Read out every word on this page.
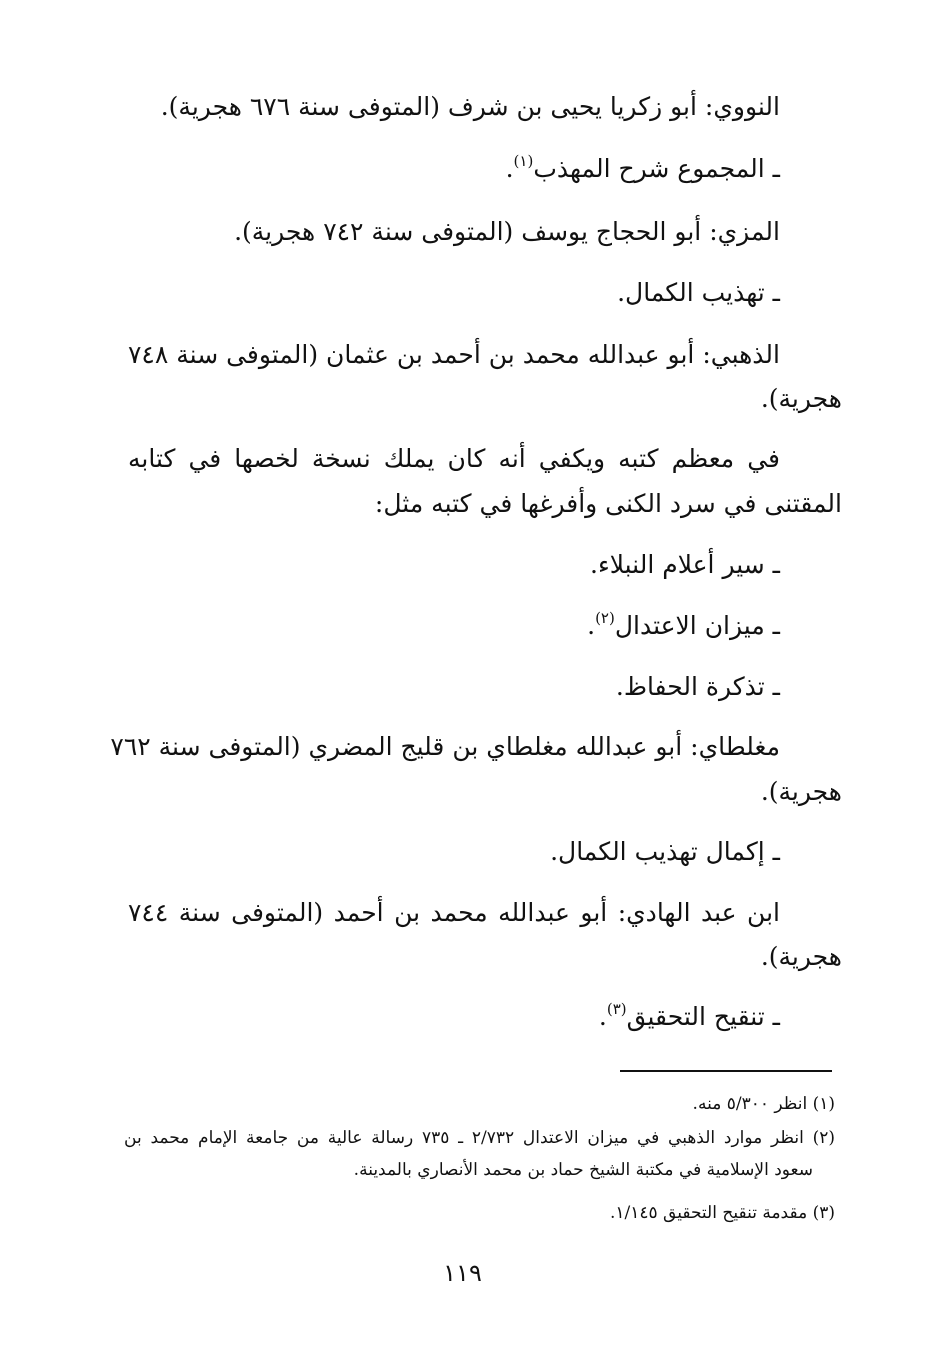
النووي: أبو زكريا يحيى بن شرف (المتوفى سنة ٦٧٦ هجرية).
ـ المجموع شرح المهذب$^{(١)}$.
المزي: أبو الحجاج يوسف (المتوفى سنة ٧٤٢ هجرية).
ـ تهذيب الكمال.
الذهبي: أبو عبدالله محمد بن أحمد بن عثمان (المتوفى سنة ٧٤٨
هجرية).
في معظم كتبه ويكفي أنه كان يملك نسخة لخصها في كتابه
المقتنى في سرد الكنى وأفرغها في كتبه مثل:
ـ سير أعلام النبلاء.
ـ ميزان الاعتدال$^{(٢)}$.
ـ تذكرة الحفاظ.
مغلطاي: أبو عبدالله مغلطاي بن قليج المضري (المتوفى سنة ٧٦٢
هجرية).
ـ إكمال تهذيب الكمال.
ابن عبد الهادي: أبو عبدالله محمد بن أحمد (المتوفى سنة ٧٤٤
هجرية).
ـ تنقيح التحقيق$^{(٣)}$.
(١) انظر ٥/٣٠٠ منه.
(٢) انظر موارد الذهبي في ميزان الاعتدال ٢/٧٣٢ ـ ٧٣٥ رسالة عالية من جامعة الإمام محمد بن
سعود الإسلامية في مكتبة الشيخ حماد بن محمد الأنصاري بالمدينة.
(٣) مقدمة تنقيح التحقيق ١/١٤٥.
١١٩
